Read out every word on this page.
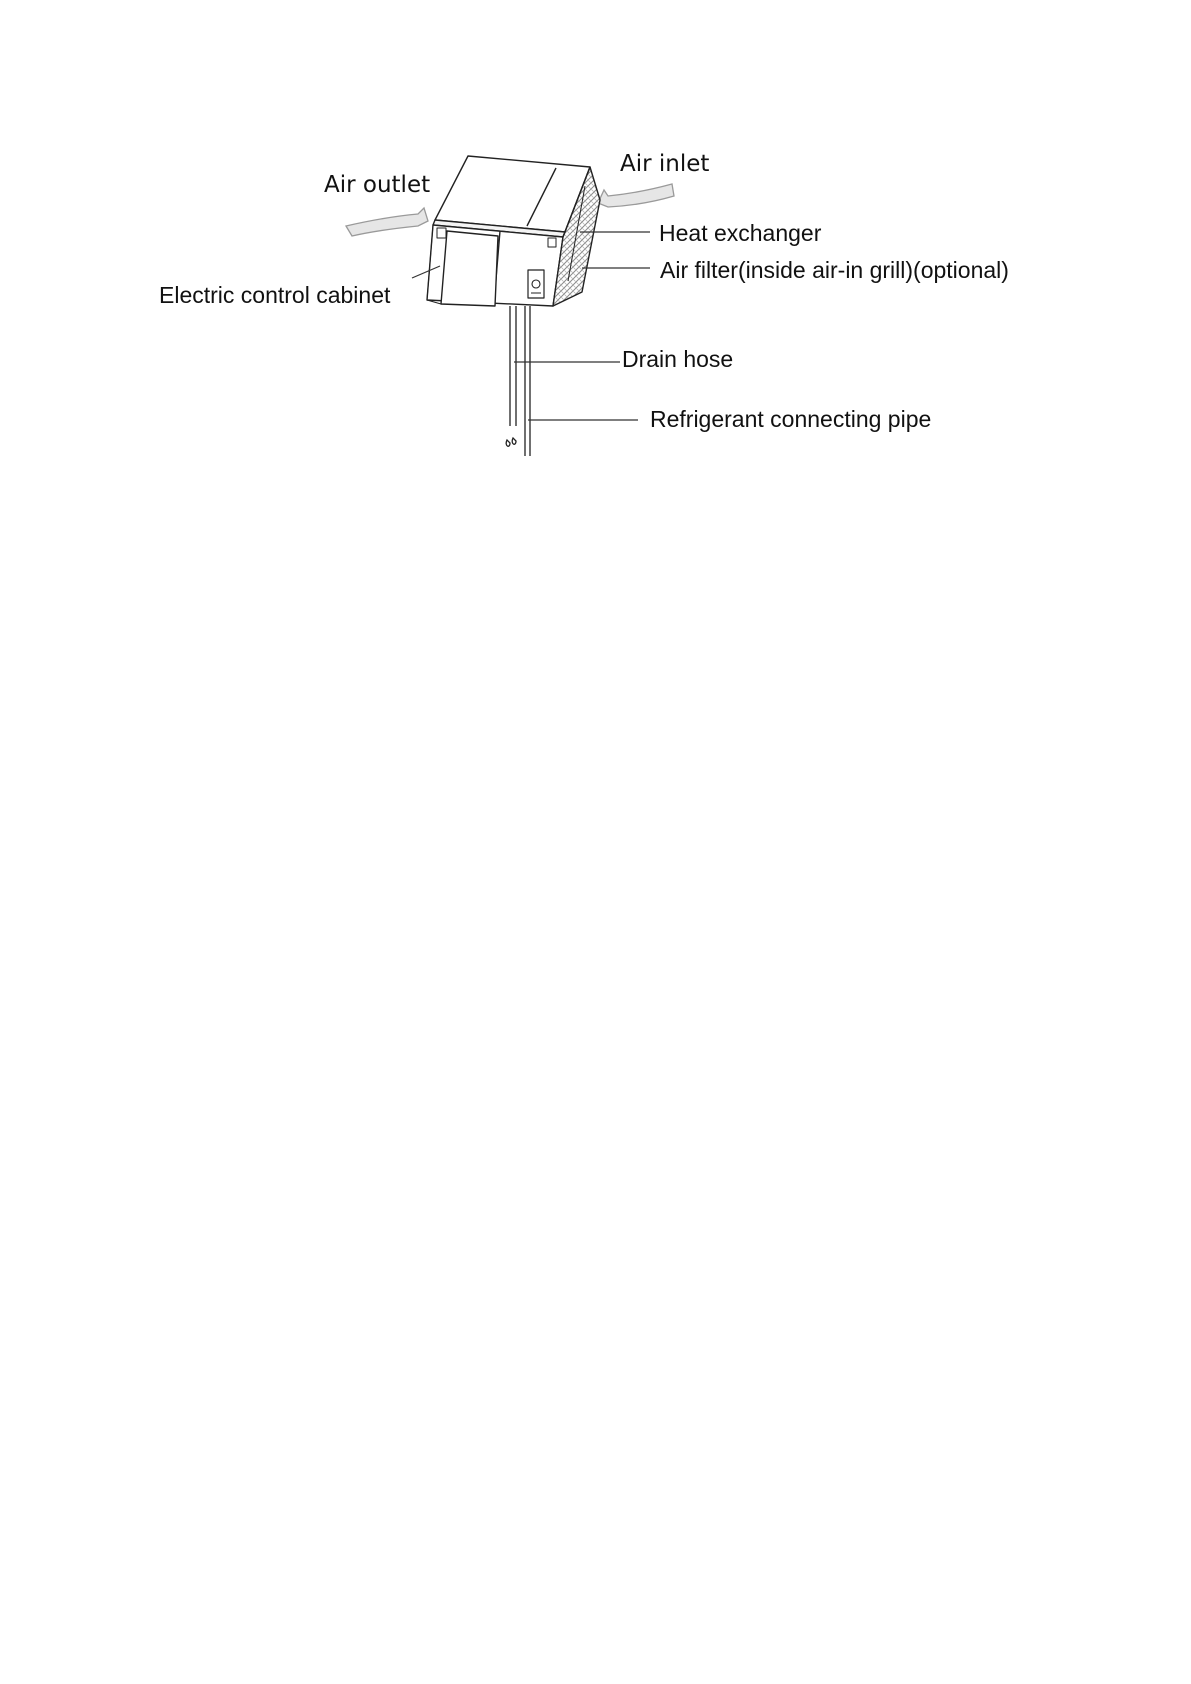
Air outlet
Air inlet
Heat exchanger
Air filter(inside air-in grill)(optional)
Electric control cabinet
Drain hose
Refrigerant connecting pipe
